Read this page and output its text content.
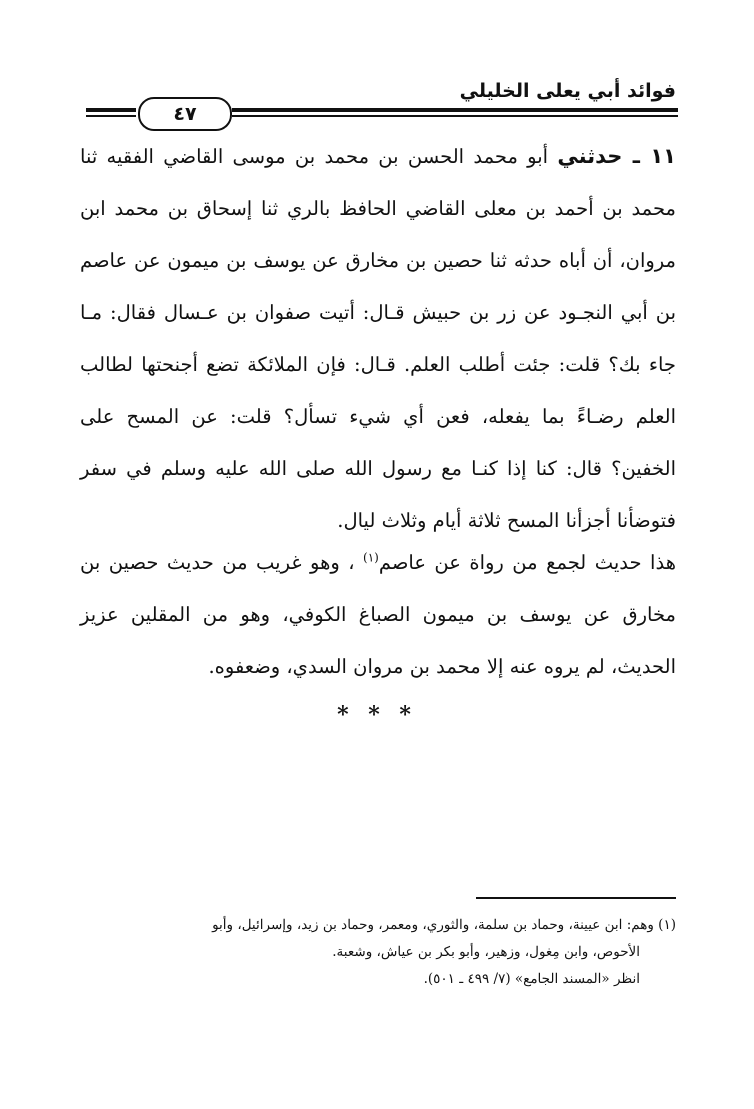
فوائد أبي يعلى الخليلي
٤٧

١١ ـ حدثني أبو محمد الحسن بن محمد بن موسى القاضي الفقيه ثنا محمد بن أحمد بن معلى القاضي الحافظ بالري ثنا إسحاق بن محمد ابن مروان، أن أباه حدثه ثنا حصين بن مخارق عن يوسف بن ميمون عن عاصم بن أبي النجـود عن زر بن حبيش قـال: أتيت صفوان بن عـسال فقال: مـا جاء بك؟ قلت: جئت أطلب العلم. قـال: فإن الملائكة تضع أجنحتها لطالب العلم رضـاءً بما يفعله، فعن أي شيء تسأل؟ قلت: عن المسح على الخفين؟ قال: كنا إذا كنـا مع رسول الله صلى الله عليه وسلم في سفر فتوضأنا أجزأنا المسح ثلاثة أيام وثلاث ليال.

هذا حديث لجمع من رواة عن عاصم$^{(١)}$ ، وهو غريب من حديث حصين بن مخارق عن يوسف بن ميمون الصباغ الكوفي، وهو من المقلين عزيز الحديث، لم يروه عنه إلا محمد بن مروان السدي، وضعفوه.

* * *

(١) وهم: ابن عيينة، وحماد بن سلمة، والثوري، ومعمر، وحماد بن زيد، وإسرائيل، وأبو

الأحوص، وابن مِغول، وزهير، وأبو بكر بن عياش، وشعبة.

انظر «المسند الجامع» (٧/ ٤٩٩ ـ ٥٠١).
